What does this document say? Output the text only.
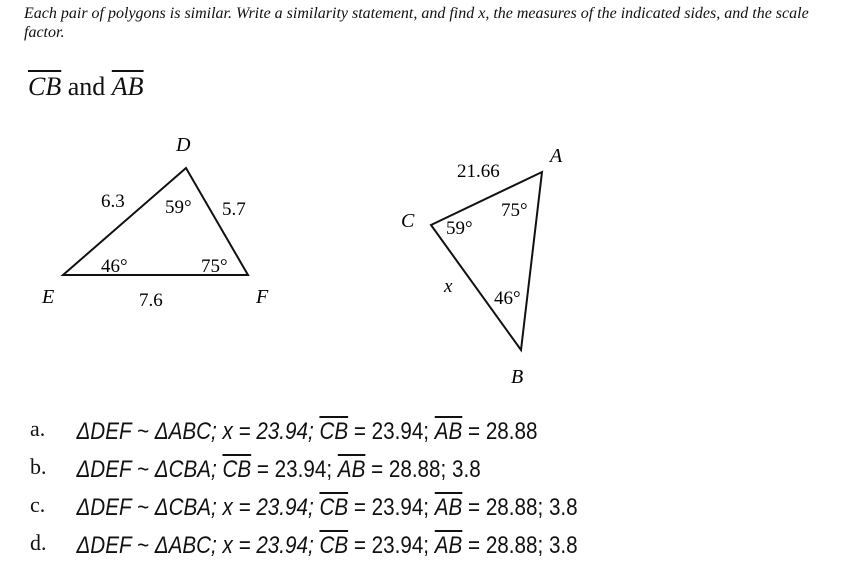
Each pair of polygons is similar. Write a similarity statement, and find x, the measures of the indicated sides, and the scale factor.
$\overline{CB}$ and $\overline{AB}$
D
E	F
6.3	5.7
7.6
59°
46°	75°
A
B
C
21.66
x
75°
46°
59°
a. ΔDEF ~ ΔABC; x = 23.94; $\overline{CB} = 23.94$; $\overline{AB} = 28.88$
b. ΔDEF ~ ΔCBA; $\overline{CB} = 23.94$; $\overline{AB} = 28.88$; 3.8
c. ΔDEF ~ ΔCBA; x = 23.94; $\overline{CB} = 23.94$; $\overline{AB} = 28.88$; 3.8
d. ΔDEF ~ ΔABC; x = 23.94; $\overline{CB} = 23.94$; $\overline{AB} = 28.88$; 3.8
